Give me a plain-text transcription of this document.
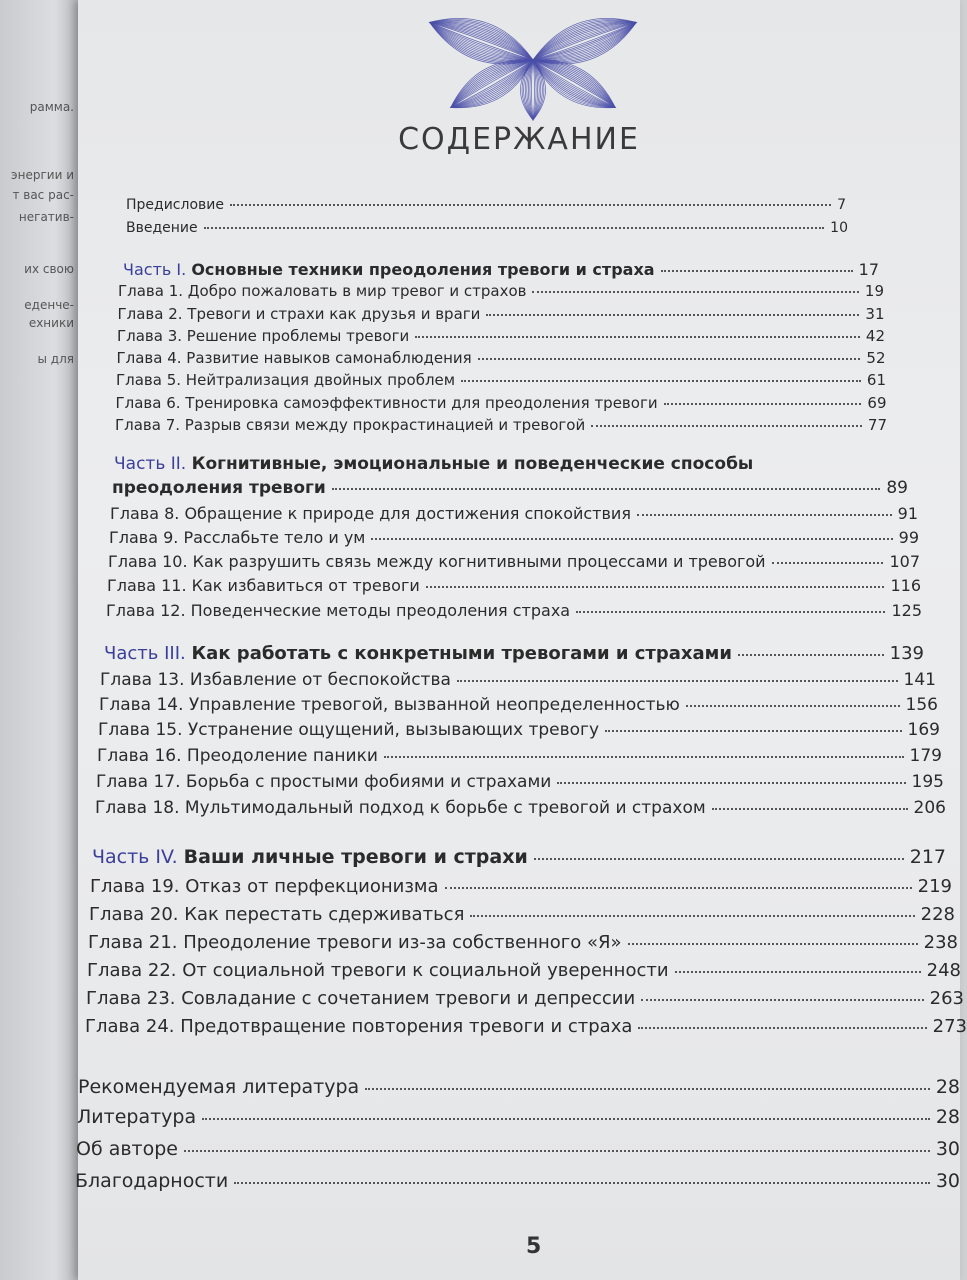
рамма.
энергии и
т вас рас-
негатив-
их свою
еденче-
ехники
ы для
СОДЕРЖАНИЕ
Предисловие	7
Введение	10
Часть I. Основные техники преодоления тревоги и страха	17
Глава 1. Добро пожаловать в мир тревог и страхов	19
Глава 2. Тревоги и страхи как друзья и враги	31
Глава 3. Решение проблемы тревоги	42
Глава 4. Развитие навыков самонаблюдения	52
Глава 5. Нейтрализация двойных проблем	61
Глава 6. Тренировка самоэффективности для преодоления тревоги	69
Глава 7. Разрыв связи между прокрастинацией и тревогой	77
Часть II. Когнитивные, эмоциональные и поведенческие способы
преодоления тревоги	89
Глава 8. Обращение к природе для достижения спокойствия	91
Глава 9. Расслабьте тело и ум	99
Глава 10. Как разрушить связь между когнитивными процессами и тревогой	107
Глава 11. Как избавиться от тревоги	116
Глава 12. Поведенческие методы преодоления страха	125
Часть III. Как работать с конкретными тревогами и страхами	139
Глава 13. Избавление от беспокойства	141
Глава 14. Управление тревогой, вызванной неопределенностью	156
Глава 15. Устранение ощущений, вызывающих тревогу	169
Глава 16. Преодоление паники	179
Глава 17. Борьба с простыми фобиями и страхами	195
Глава 18. Мультимодальный подход к борьбе с тревогой и страхом	206
Часть IV. Ваши личные тревоги и страхи	217
Глава 19. Отказ от перфекционизма	219
Глава 20. Как перестать сдерживаться	228
Глава 21. Преодоление тревоги из-за собственного «Я»	238
Глава 22. От социальной тревоги к социальной уверенности	248
Глава 23. Совладание с сочетанием тревоги и депрессии	263
Глава 24. Предотвращение повторения тревоги и страха	273
Рекомендуемая литература	28
Литература	28
Об авторе	30
Благодарности	30
5
